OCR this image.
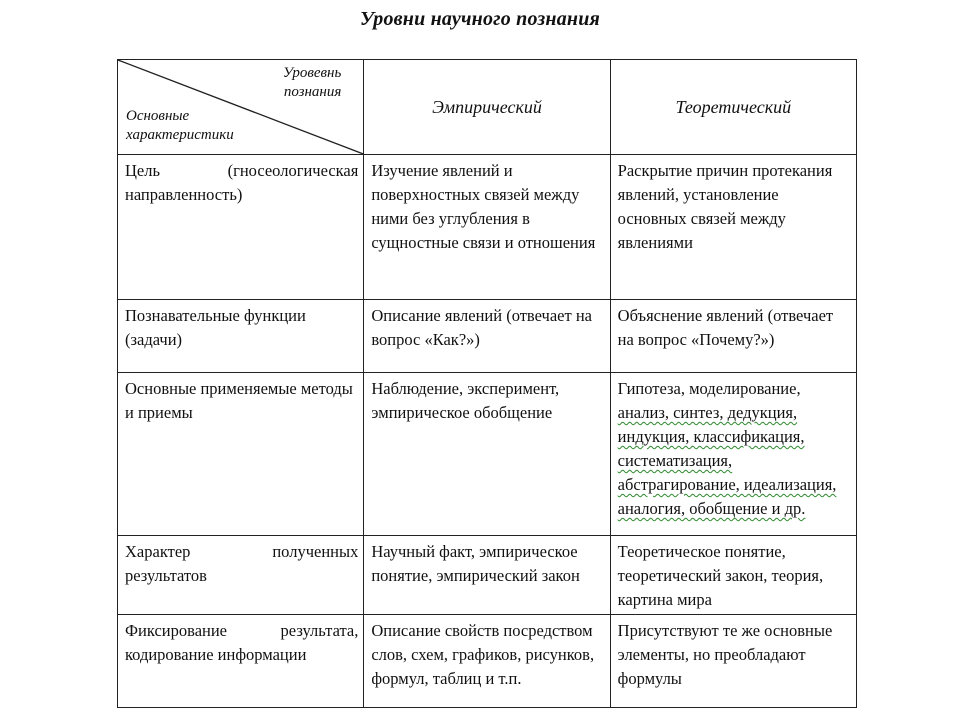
Уровни научного познания
Уровевнь
познания
Основные
характеристики	Эмпирический	Теоретический
Цель (гносеологическая направленность)	Изучение явлений и поверхностных связей между ними без углубления в сущностные связи и отношения	Раскрытие причин протекания явлений, установление основных связей между явлениями
Познавательные функции (задачи)	Описание явлений (отвечает на вопрос «Как?»)	Объяснение явлений (отвечает на вопрос «Почему?»)
Основные применяемые методы и приемы	Наблюдение, эксперимент, эмпирическое обобщение	Гипотеза, моделирование, анализ, синтез, дедукция, индукция, классификация, систематизация, абстрагирование, идеализация, аналогия, обобщение и др.
Характер полученных результатов	Научный факт, эмпирическое понятие, эмпирический закон	Теоретическое понятие, теоретический закон, теория, картина мира
Фиксирование результата, кодирование информации	Описание свойств посредством слов, схем, графиков, рисунков, формул, таблиц и т.п.	Присутствуют те же основные элементы, но преобладают формулы
